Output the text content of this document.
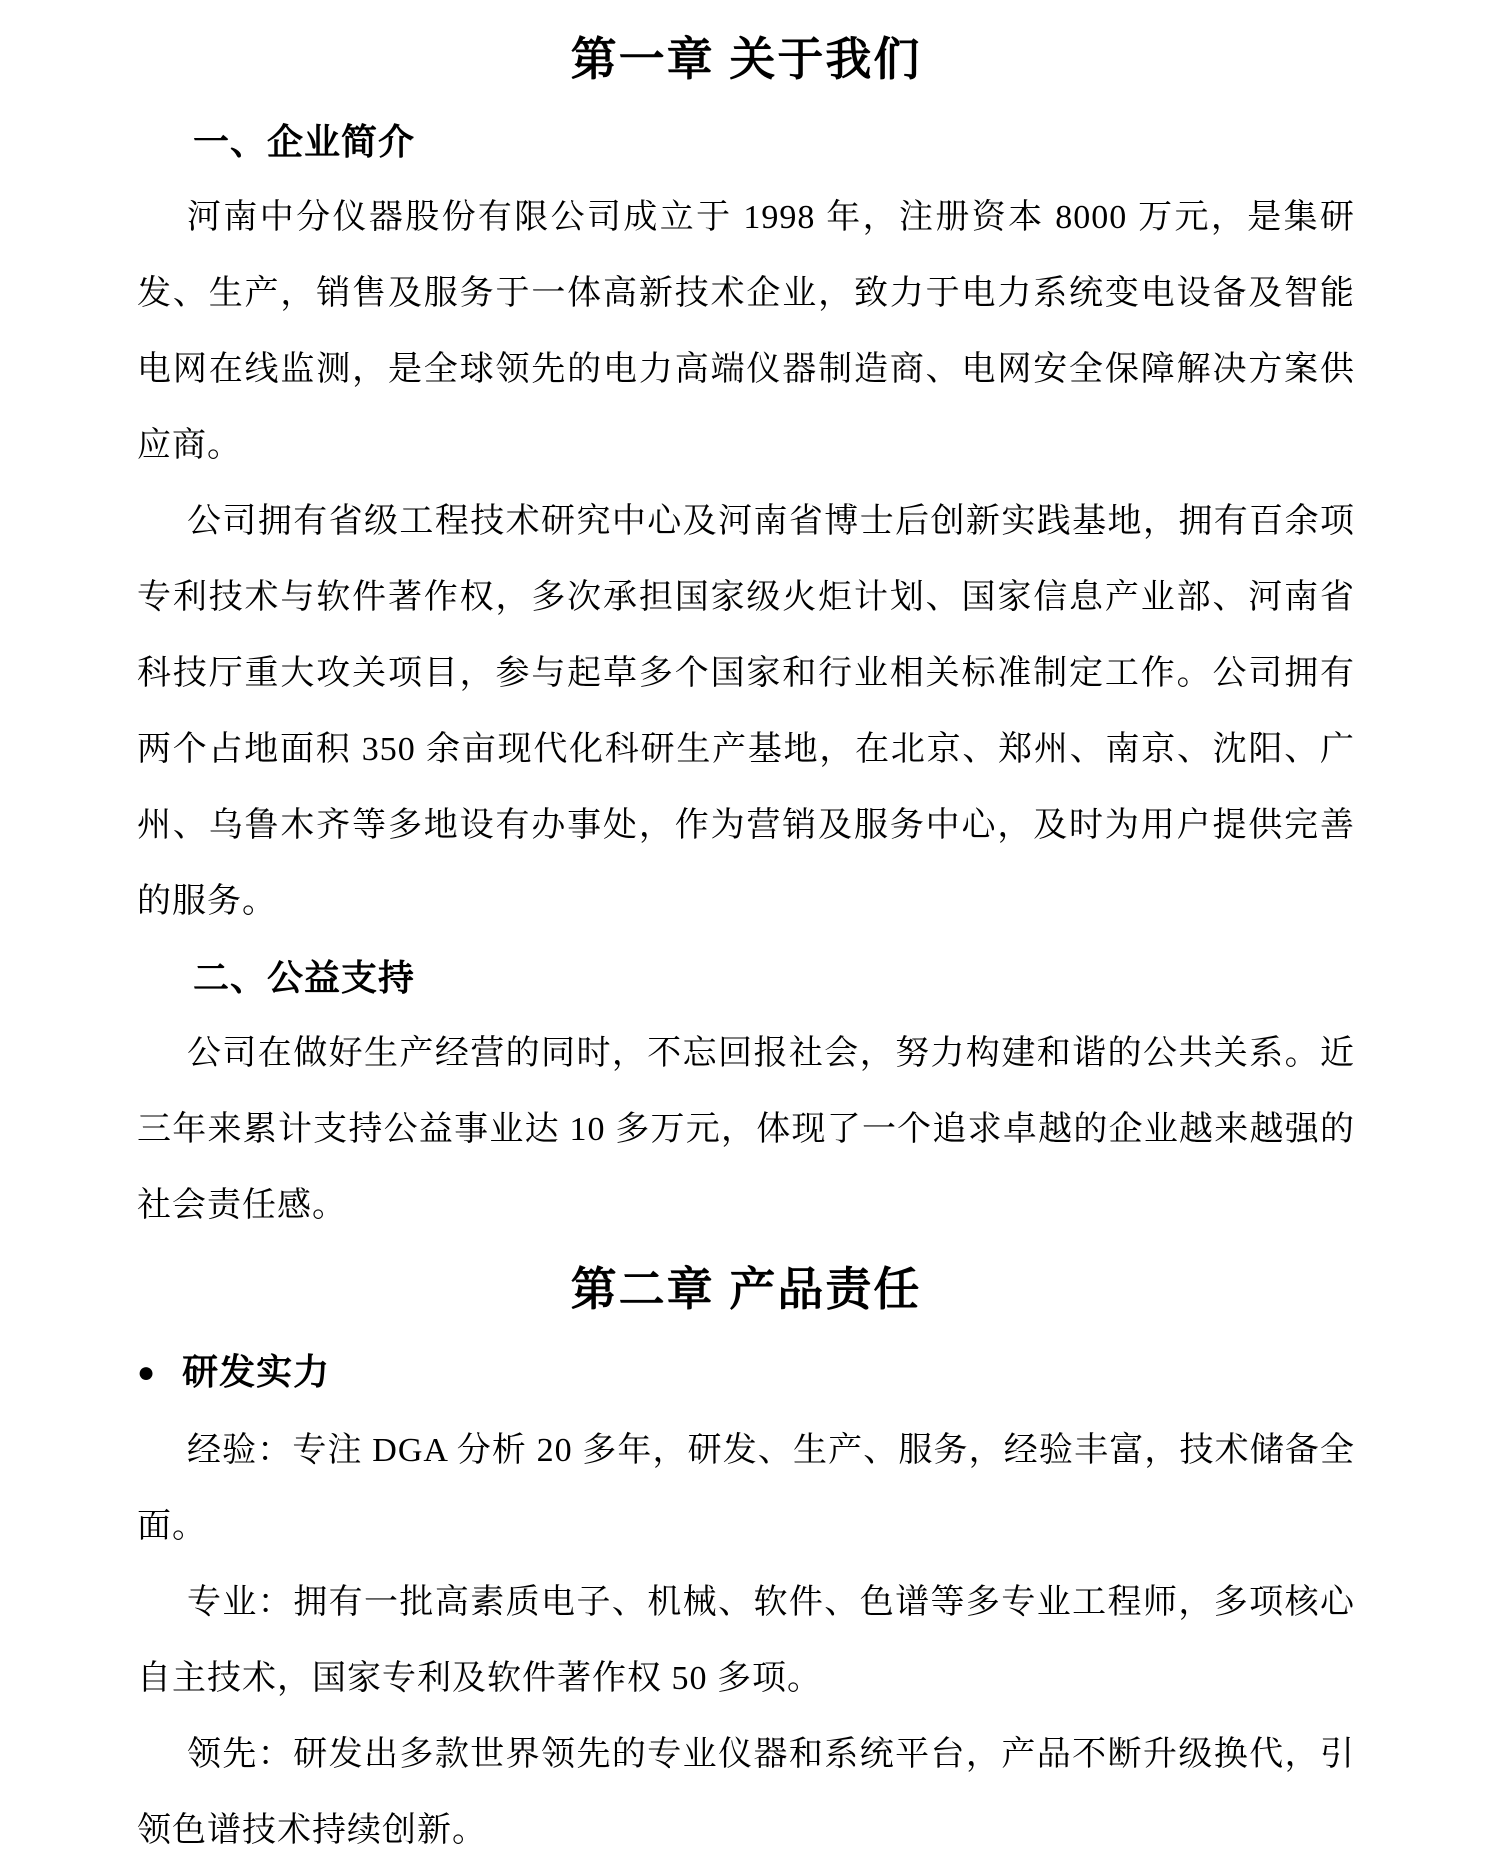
第一章 关于我们
一、企业简介

河南中分仪器股份有限公司成立于 1998 年，注册资本 8000 万元，是集研发、生产，销售及服务于一体高新技术企业，致力于电力系统变电设备及智能电网在线监测，是全球领先的电力高端仪器制造商、电网安全保障解决方案供应商。

公司拥有省级工程技术研究中心及河南省博士后创新实践基地，拥有百余项专利技术与软件著作权，多次承担国家级火炬计划、国家信息产业部、河南省科技厅重大攻关项目，参与起草多个国家和行业相关标准制定工作。公司拥有两个占地面积 350 余亩现代化科研生产基地，在北京、郑州、南京、沈阳、广州、乌鲁木齐等多地设有办事处，作为营销及服务中心，及时为用户提供完善的服务。

二、公益支持

公司在做好生产经营的同时，不忘回报社会，努力构建和谐的公共关系。近三年来累计支持公益事业达 10 多万元，体现了一个追求卓越的企业越来越强的社会责任感。

第二章 产品责任
● 研发实力

经验：专注 DGA 分析 20 多年，研发、生产、服务，经验丰富，技术储备全面。

专业：拥有一批高素质电子、机械、软件、色谱等多专业工程师，多项核心自主技术，国家专利及软件著作权 50 多项。

领先：研发出多款世界领先的专业仪器和系统平台，产品不断升级换代，引领色谱技术持续创新。
